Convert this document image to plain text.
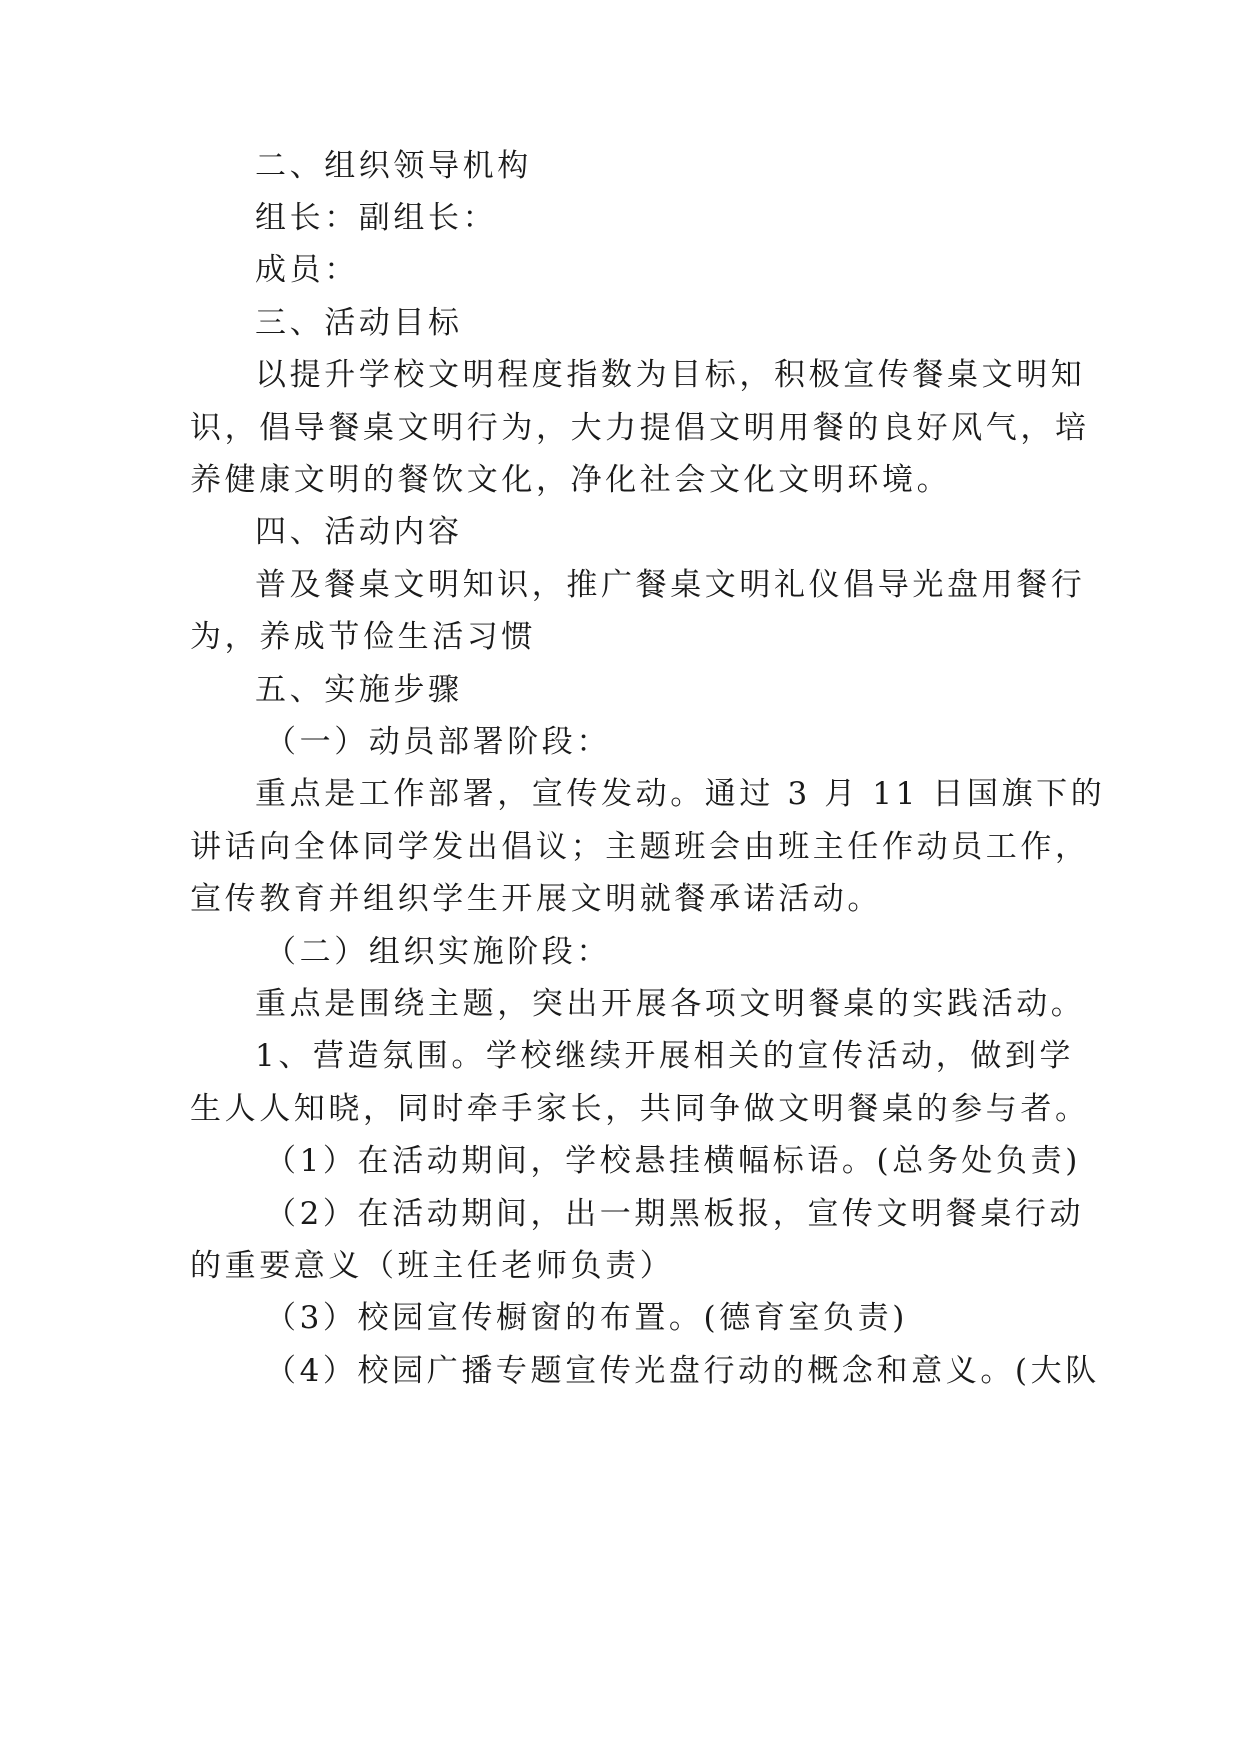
二、组织领导机构
组长：副组长：
成员：
三、活动目标
以提升学校文明程度指数为目标，积极宣传餐桌文明知
识，倡导餐桌文明行为，大力提倡文明用餐的良好风气，培
养健康文明的餐饮文化，净化社会文化文明环境。
四、活动内容
普及餐桌文明知识，推广餐桌文明礼仪倡导光盘用餐行
为，养成节俭生活习惯
五、实施步骤
（一）动员部署阶段：
重点是工作部署，宣传发动。通过 3 月 11 日国旗下的
讲话向全体同学发出倡议；主题班会由班主任作动员工作，
宣传教育并组织学生开展文明就餐承诺活动。
（二）组织实施阶段：
重点是围绕主题，突出开展各项文明餐桌的实践活动。
1、营造氛围。学校继续开展相关的宣传活动，做到学
生人人知晓，同时牵手家长，共同争做文明餐桌的参与者。
（1）在活动期间，学校悬挂横幅标语。(总务处负责)
（2）在活动期间，出一期黑板报，宣传文明餐桌行动
的重要意义（班主任老师负责）
（3）校园宣传橱窗的布置。(德育室负责)
（4）校园广播专题宣传光盘行动的概念和意义。(大队
